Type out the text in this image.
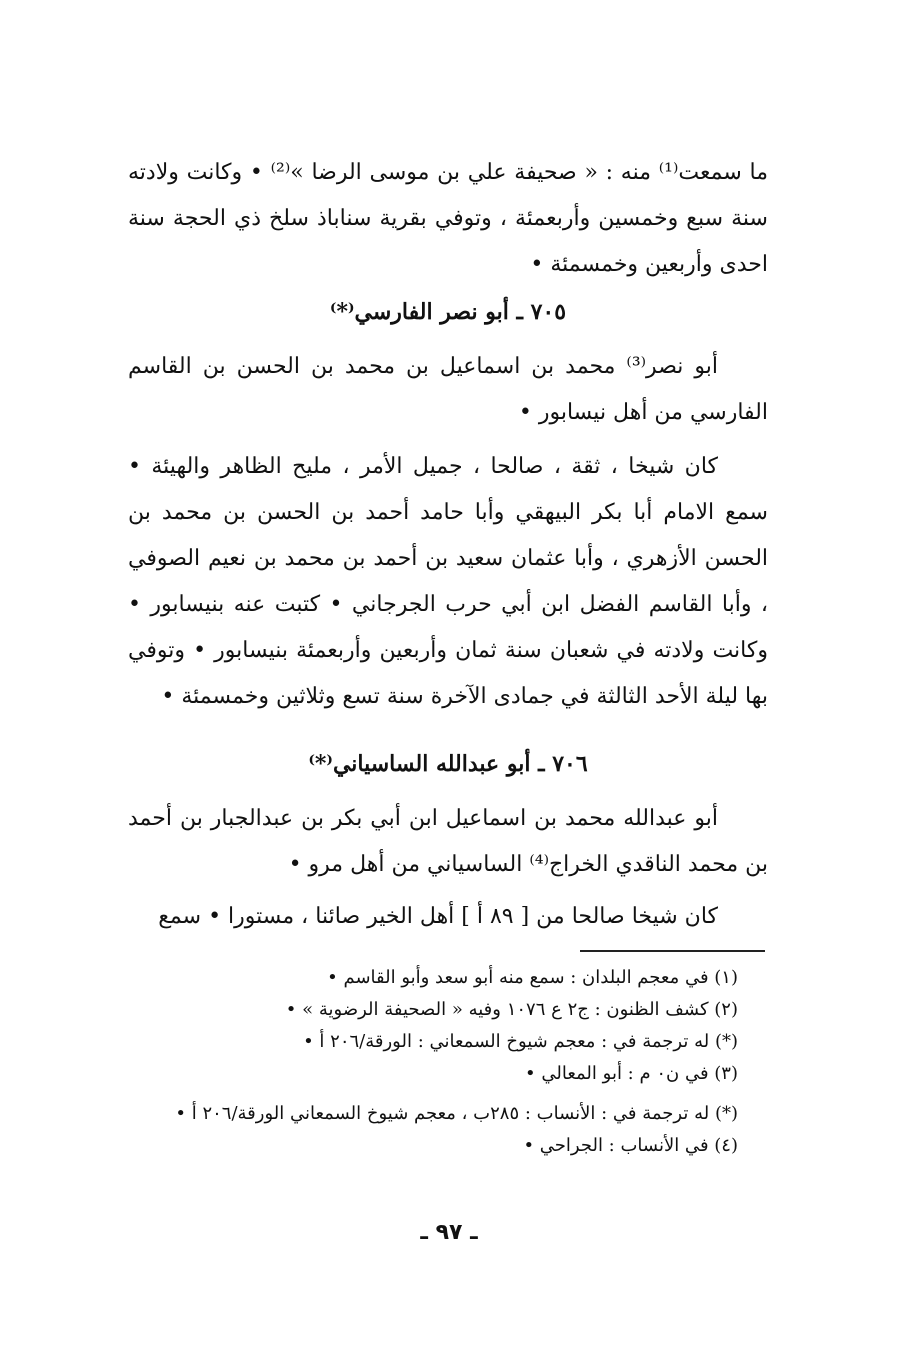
ما سمعت⁽¹⁾ منه : « صحيفة علي بن موسى الرضا »⁽²⁾ • وكانت ولادته سنة سبع وخمسين وأربعمئة ، وتوفي بقرية سناباذ سلخ ذي الحجة سنة احدى وأربعين وخمسمئة •

٧٠٥ ـ أبو نصر الفارسي⁽*⁾

أبو نصر⁽³⁾ محمد بن اسماعيل بن محمد بن الحسن بن القاسم الفارسي من أهل نيسابور •

كان شيخا ، ثقة ، صالحا ، جميل الأمر ، مليح الظاهر والهيئة • سمع الامام أبا بكر البيهقي وأبا حامد أحمد بن الحسن بن محمد بن الحسن الأزهري ، وأبا عثمان سعيد بن أحمد بن محمد بن نعيم الصوفي ، وأبا القاسم الفضل ابن أبي حرب الجرجاني • كتبت عنه بنيسابور • وكانت ولادته في شعبان سنة ثمان وأربعين وأربعمئة بنيسابور • وتوفي بها ليلة الأحد الثالثة في جمادى الآخرة سنة تسع وثلاثين وخمسمئة •

٧٠٦ ـ أبو عبدالله الساسياني⁽*⁾

أبو عبدالله محمد بن اسماعيل ابن أبي بكر بن عبدالجبار بن أحمد بن محمد الناقدي الخراج⁽⁴⁾ الساسياني من أهل مرو •

كان شيخا صالحا من [ ٨٩ أ ] أهل الخير صائنا ، مستورا • سمع

(١) في معجم البلدان : سمع منه أبو سعد وأبو القاسم •

(٢) كشف الظنون : ج٢ ع ١٠٧٦ وفيه « الصحيفة الرضوية » •

(*) له ترجمة في : معجم شيوخ السمعاني : الورقة/٢٠٦ أ •

(٣) في ن٠ م : أبو المعالي •

(*) له ترجمة في : الأنساب : ٢٨٥ب ، معجم شيوخ السمعاني الورقة/٢٠٦ أ •

(٤) في الأنساب : الجراحي •

ـ ٩٧ ـ
